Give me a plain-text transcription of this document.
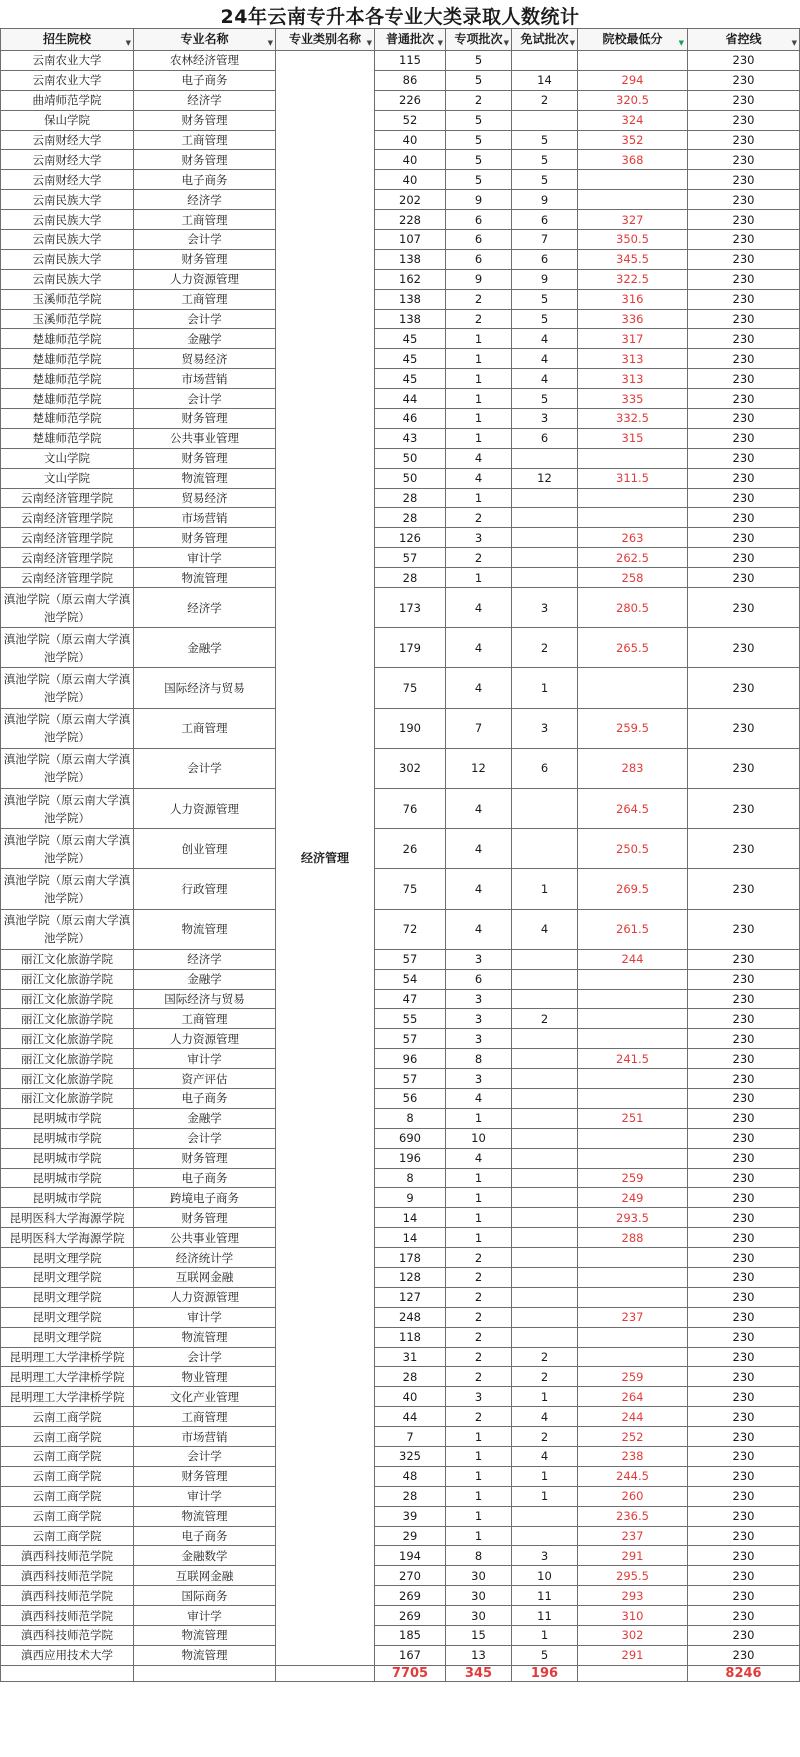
24年云南专升本各专业大类录取人数统计
招生院校 ▼	专业名称 ▼	专业类别名称 ▼	普通批次 ▼	专项批次 ▼	免试批次 ▼	院校最低分 ▼	省控线 ▼

云南农业大学	农林经济管理	经济管理	115	5			230
云南农业大学	电子商务		86	5	14	294	230
曲靖师范学院	经济学		226	2	2	320.5	230
保山学院	财务管理		52	5		324	230
云南财经大学	工商管理		40	5	5	352	230
云南财经大学	财务管理		40	5	5	368	230
云南财经大学	电子商务		40	5	5		230
云南民族大学	经济学		202	9	9		230
云南民族大学	工商管理		228	6	6	327	230
云南民族大学	会计学		107	6	7	350.5	230
云南民族大学	财务管理		138	6	6	345.5	230
云南民族大学	人力资源管理		162	9	9	322.5	230
玉溪师范学院	工商管理		138	2	5	316	230
玉溪师范学院	会计学		138	2	5	336	230
楚雄师范学院	金融学		45	1	4	317	230
楚雄师范学院	贸易经济		45	1	4	313	230
楚雄师范学院	市场营销		45	1	4	313	230
楚雄师范学院	会计学		44	1	5	335	230
楚雄师范学院	财务管理		46	1	3	332.5	230
楚雄师范学院	公共事业管理		43	1	6	315	230
文山学院	财务管理		50	4			230
文山学院	物流管理		50	4	12	311.5	230
云南经济管理学院	贸易经济		28	1			230
云南经济管理学院	市场营销		28	2			230
云南经济管理学院	财务管理		126	3		263	230
云南经济管理学院	审计学		57	2		262.5	230
云南经济管理学院	物流管理		28	1		258	230
滇池学院（原云南大学滇池学院）	经济学		173	4	3	280.5	230
滇池学院（原云南大学滇池学院）	金融学		179	4	2	265.5	230
滇池学院（原云南大学滇池学院）	国际经济与贸易		75	4	1		230
滇池学院（原云南大学滇池学院）	工商管理		190	7	3	259.5	230
滇池学院（原云南大学滇池学院）	会计学		302	12	6	283	230
滇池学院（原云南大学滇池学院）	人力资源管理		76	4		264.5	230
滇池学院（原云南大学滇池学院）	创业管理		26	4		250.5	230
滇池学院（原云南大学滇池学院）	行政管理		75	4	1	269.5	230
滇池学院（原云南大学滇池学院）	物流管理		72	4	4	261.5	230
丽江文化旅游学院	经济学		57	3		244	230
丽江文化旅游学院	金融学		54	6			230
丽江文化旅游学院	国际经济与贸易		47	3			230
丽江文化旅游学院	工商管理		55	3	2		230
丽江文化旅游学院	人力资源管理		57	3			230
丽江文化旅游学院	审计学		96	8		241.5	230
丽江文化旅游学院	资产评估		57	3			230
丽江文化旅游学院	电子商务		56	4			230
昆明城市学院	金融学		8	1		251	230
昆明城市学院	会计学		690	10			230
昆明城市学院	财务管理		196	4			230
昆明城市学院	电子商务		8	1		259	230
昆明城市学院	跨境电子商务		9	1		249	230
昆明医科大学海源学院	财务管理		14	1		293.5	230
昆明医科大学海源学院	公共事业管理		14	1		288	230
昆明文理学院	经济统计学		178	2			230
昆明文理学院	互联网金融		128	2			230
昆明文理学院	人力资源管理		127	2			230
昆明文理学院	审计学		248	2		237	230
昆明文理学院	物流管理		118	2			230
昆明理工大学津桥学院	会计学		31	2	2		230
昆明理工大学津桥学院	物业管理		28	2	2	259	230
昆明理工大学津桥学院	文化产业管理		40	3	1	264	230
云南工商学院	工商管理		44	2	4	244	230
云南工商学院	市场营销		7	1	2	252	230
云南工商学院	会计学		325	1	4	238	230
云南工商学院	财务管理		48	1	1	244.5	230
云南工商学院	审计学		28	1	1	260	230
云南工商学院	物流管理		39	1		236.5	230
云南工商学院	电子商务		29	1		237	230
滇西科技师范学院	金融数学		194	8	3	291	230
滇西科技师范学院	互联网金融		270	30	10	295.5	230
滇西科技师范学院	国际商务		269	30	11	293	230
滇西科技师范学院	审计学		269	30	11	310	230
滇西科技师范学院	物流管理		185	15	1	302	230
滇西应用技术大学	物流管理		167	13	5	291	230
			7705	345	196		8246
